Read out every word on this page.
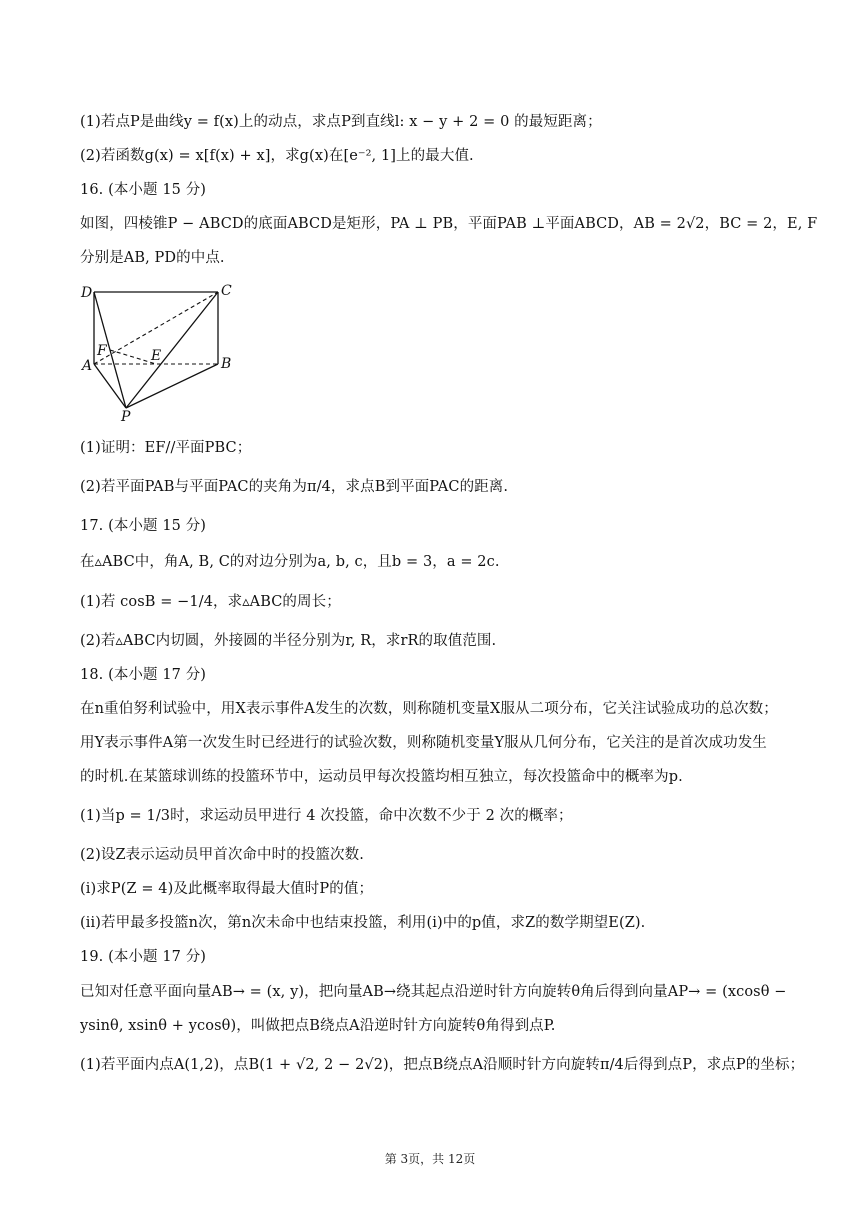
(1)若点P是曲线y = f(x)上的动点，求点P到直线l: x − y + 2 = 0 的最短距离；
(2)若函数g(x) = x[f(x) + x]，求g(x)在[e⁻², 1]上的最大值.
16. (本小题 15 分)
如图，四棱锥P − ABCD的底面ABCD是矩形，PA ⊥ PB，平面PAB ⊥平面ABCD，AB = 2√2，BC = 2，E, F
分别是AB, PD的中点.
D	C
A	B
F	E
P
(1)证明：EF//平面PBC；
(2)若平面PAB与平面PAC的夹角为π/4，求点B到平面PAC的距离.
17. (本小题 15 分)
在▵ABC中，角A, B, C的对边分别为a, b, c，且b = 3，a = 2c.
(1)若 cosB = −1/4，求▵ABC的周长；
(2)若▵ABC内切圆，外接圆的半径分别为r, R，求rR的取值范围.
18. (本小题 17 分)
在n重伯努利试验中，用X表示事件A发生的次数，则称随机变量X服从二项分布，它关注试验成功的总次数；
用Y表示事件A第一次发生时已经进行的试验次数，则称随机变量Y服从几何分布，它关注的是首次成功发生
的时机.在某篮球训练的投篮环节中，运动员甲每次投篮均相互独立，每次投篮命中的概率为p.
(1)当p = 1/3时，求运动员甲进行 4 次投篮，命中次数不少于 2 次的概率；
(2)设Z表示运动员甲首次命中时的投篮次数.
(i)求P(Z = 4)及此概率取得最大值时P的值；
(ii)若甲最多投篮n次，第n次未命中也结束投篮，利用(i)中的p值，求Z的数学期望E(Z).
19. (本小题 17 分)
已知对任意平面向量AB→ = (x, y)，把向量AB→绕其起点沿逆时针方向旋转θ角后得到向量AP→ = (xcosθ −
ysinθ, xsinθ + ycosθ)，叫做把点B绕点A沿逆时针方向旋转θ角得到点P.
(1)若平面内点A(1,2)，点B(1 + √2, 2 − 2√2)，把点B绕点A沿顺时针方向旋转π/4后得到点P，求点P的坐标；
第 3页，共 12页
